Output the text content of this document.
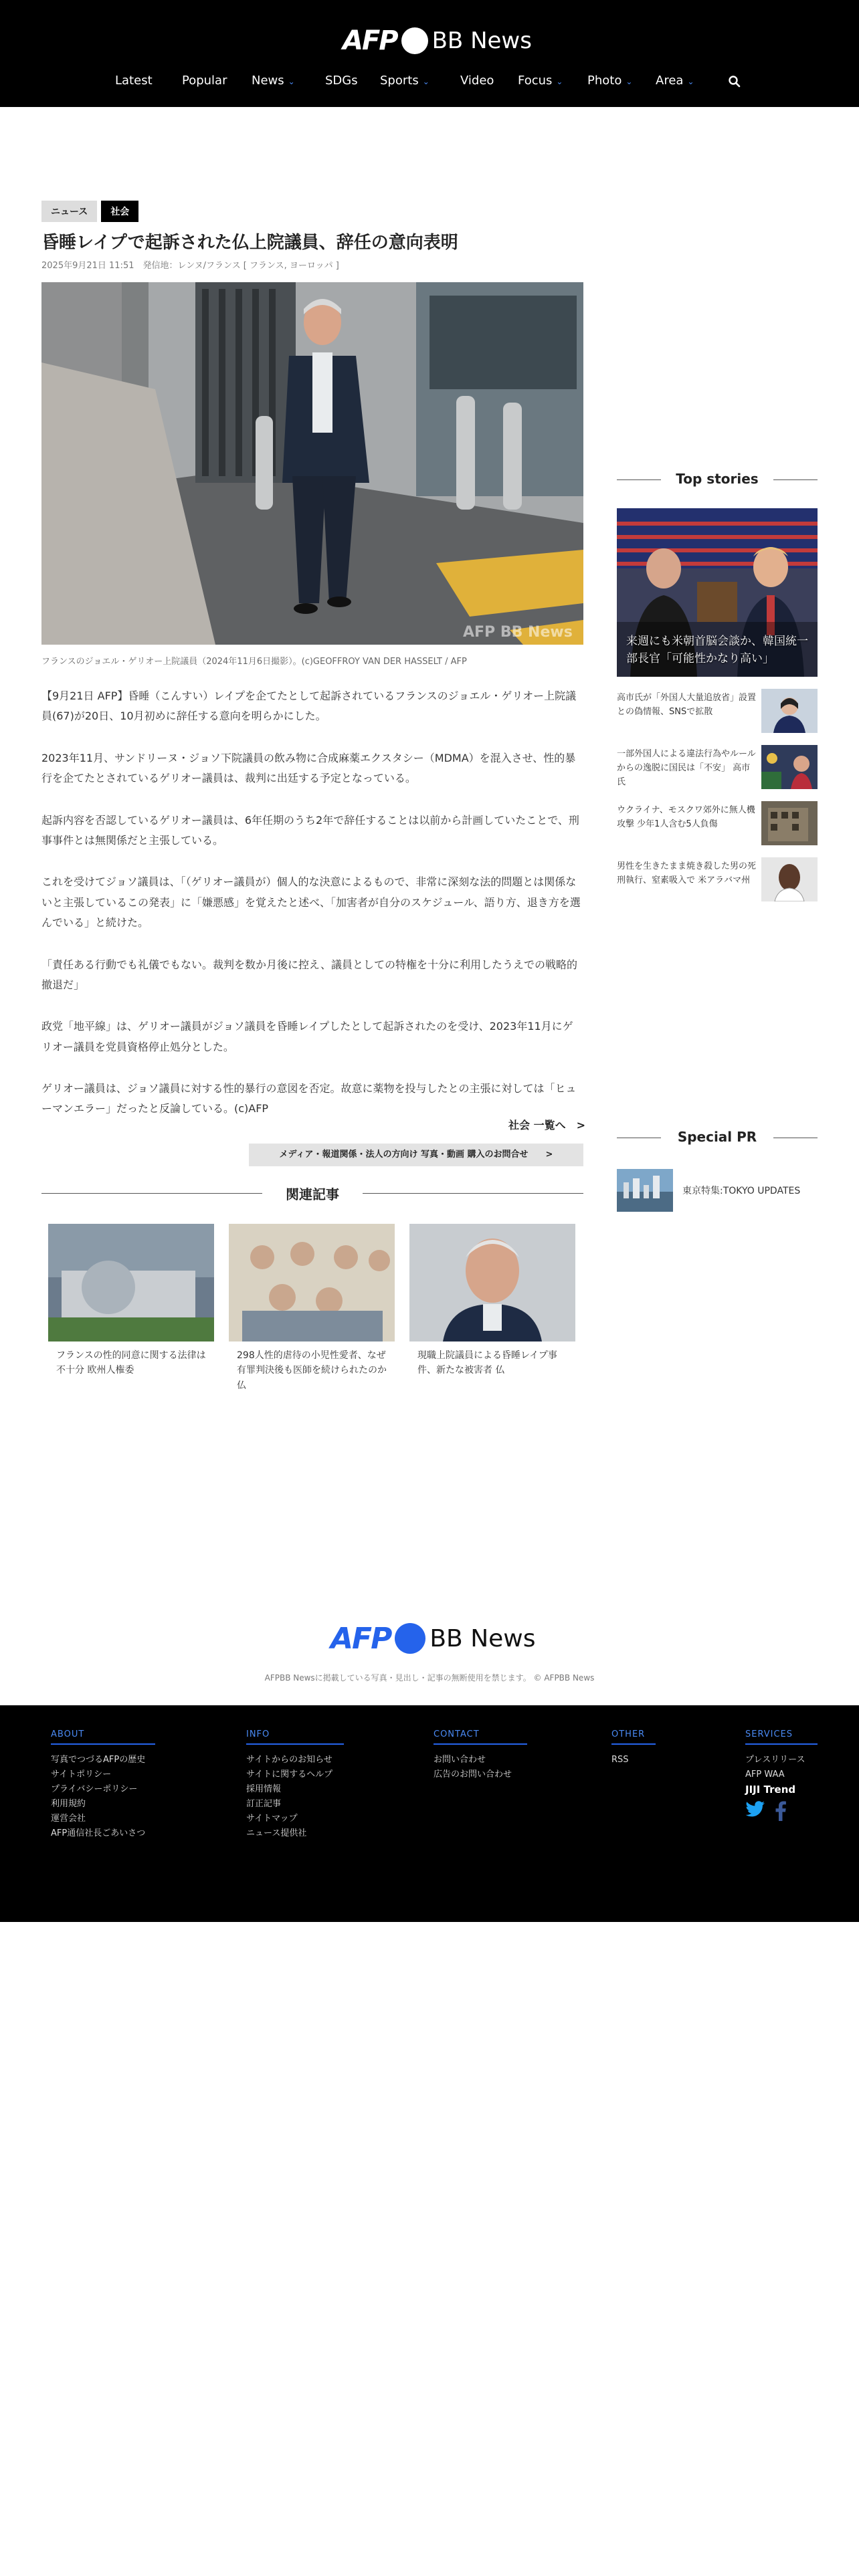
AFP BB News
Latest Popular News ⌄	SDGs Sports ⌄	Video Focus ⌄ Photo ⌄ Area ⌄
ニュース	社会
昏睡レイプで起訴された仏上院議員、辞任の意向表明
2025年9月21日 11:51　発信地：レンヌ/フランス [ フランス, ヨーロッパ ]
AFP BB News
フランスのジョエル・ゲリオー上院議員（2024年11月6日撮影）。(c)GEOFFROY VAN DER HASSELT / AFP

【9月21日 AFP】昏睡（こんすい）レイプを企てたとして起訴されているフランスのジョエル・ゲリオー上院議員(67)が20日、10月初めに辞任する意向を明らかにした。

2023年11月、サンドリーヌ・ジョソ下院議員の飲み物に合成麻薬エクスタシー（MDMA）を混入させ、性的暴行を企てたとされているゲリオー議員は、裁判に出廷する予定となっている。

起訴内容を否認しているゲリオー議員は、6年任期のうち2年で辞任することは以前から計画していたことで、刑事事件とは無関係だと主張している。

これを受けてジョソ議員は、「（ゲリオー議員が）個人的な決意によるもので、非常に深刻な法的問題とは関係ないと主張しているこの発表」に「嫌悪感」を覚えたと述べ、「加害者が自分のスケジュール、語り方、退き方を選んでいる」と続けた。

「責任ある行動でも礼儀でもない。裁判を数か月後に控え、議員としての特権を十分に利用したうえでの戦略的撤退だ」

政党「地平線」は、ゲリオー議員がジョソ議員を昏睡レイプしたとして起訴されたのを受け、2023年11月にゲリオー議員を党員資格停止処分とした。

ゲリオー議員は、ジョソ議員に対する性的暴行の意図を否定。故意に薬物を投与したとの主張に対しては「ヒューマンエラー」だったと反論している。(c)AFP

社会 一覧へ　>
メディア・報道関係・法人の方向け 写真・動画 購入のお問合せ　　>
関連記事
フランスの性的同意に関する法律は不十分 欧州人権委
298人性的虐待の小児性愛者、なぜ有罪判決後も医師を続けられたのか 仏
現職上院議員による昏睡レイプ事件、新たな被害者 仏
Top stories
来週にも米朝首脳会談か、韓国統一部長官「可能性かなり高い」
高市氏が「外国人大量追放省」設置との偽情報、SNSで拡散
一部外国人による違法行為やルールからの逸脱に国民は「不安」 高市氏
ウクライナ、モスクワ郊外に無人機攻撃 少年1人含む5人負傷
男性を生きたまま焼き殺した男の死刑執行、窒素吸入で 米アラバマ州
Special PR
東京特集:TOKYO UPDATES
AFP BB News
AFPBB Newsに掲載している写真・見出し・記事の無断使用を禁じます。 © AFPBB News
ABOUT
写真でつづるAFPの歴史
サイトポリシー
プライバシーポリシー
利用規約
運営会社
AFP通信社長ごあいさつ
INFO
サイトからのお知らせ
サイトに関するヘルプ
採用情報
訂正記事
サイトマップ
ニュース提供社
CONTACT
お問い合わせ
広告のお問い合わせ
OTHER
RSS
SERVICES
プレスリリース
AFP WAA
JIJI Trend
